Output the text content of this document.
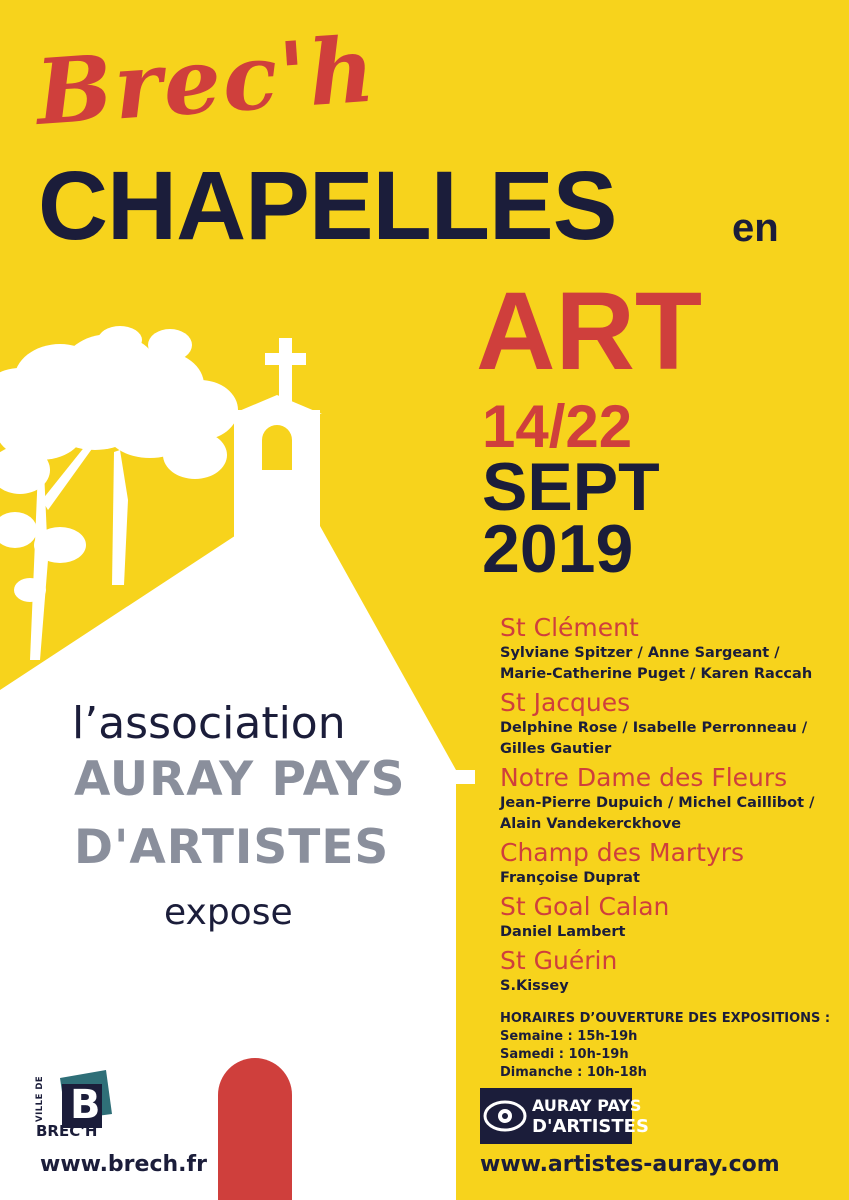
Brec'h
CHAPELLES	en
ART
14/22
SEPT
2019
l’association
AURAY PAYS
D'ARTISTES
expose

St Clément

Sylviane Spitzer / Anne Sargeant /
Marie-Catherine Puget / Karen Raccah

St Jacques

Delphine Rose / Isabelle Perronneau /
Gilles Gautier

Notre Dame des Fleurs

Jean-Pierre Dupuich / Michel Caillibot /
Alain Vandekerckhove

Champ des Martyrs

Françoise Duprat

St Goal Calan

Daniel Lambert

St Guérin

S.Kissey

HORAIRES D’OUVERTURE DES EXPOSITIONS :
Semaine : 15h-19h
Samedi : 10h-19h
Dimanche : 10h-18h
AURAY PAYS
D'ARTISTES
VILLE DE B
BREC'H
www.brech.fr	www.artistes-auray.com
